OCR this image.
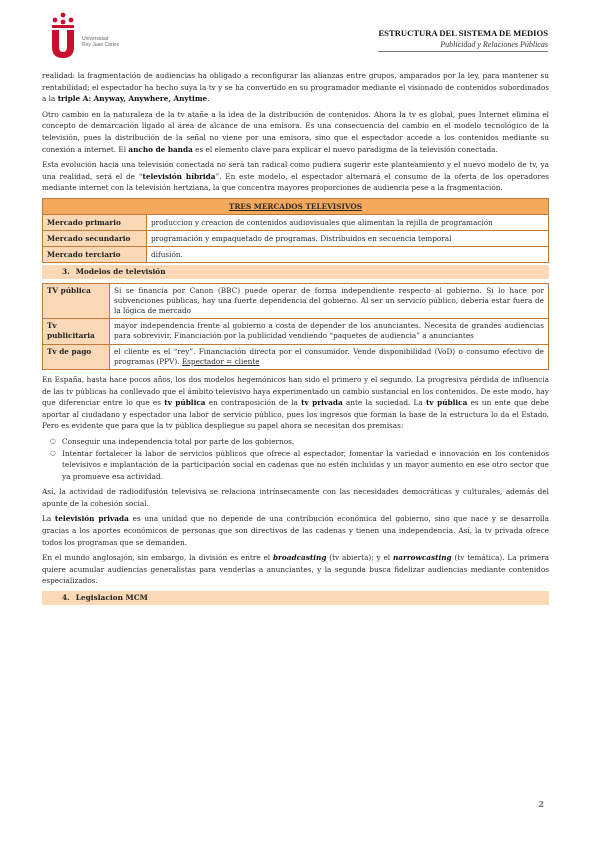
Universidad
Rey Juan Carlos
ESTRUCTURA DEL SISTEMA DE MEDIOS
Publicidad y Relaciones Públicas

realidad: la fragmentación de audiencias ha obligado a reconfigurar las alianzas entre grupos, amparados por la ley, para mantener su rentabilidad; el espectador ha hecho suya la tv y se ha convertido en su programador mediante el visionado de contenidos subordinados a la triple A: Anyway, Anywhere, Anytime.

Otro cambio en la naturaleza de la tv atañe a la idea de la distribución de contenidos. Ahora la tv es global, pues Internet elimina el concepto de demarcación ligado al área de alcance de una emisora. Es una consecuencia del cambio en el modelo tecnológico de la televisión, pues la distribución de la señal no viene por una emisora, sino que el espectador accede a los contenidos mediante su conexión a internet. El ancho de banda es el elemento clave para explicar el nuevo paradigma de la televisión conectada.

Esta evolución hacia una televisión conectada no será tan radical como pudiera sugerir este planteamiento y el nuevo modelo de tv, ya una realidad, será el de “televisión híbrida”. En este modelo, el espectador alternará el consumo de la oferta de los operadores mediante internet con la televisión hertziana, la que concentra mayores proporciones de audiencia pese a la fragmentación.

TRES MERCADOS TELEVISIVOS	
Mercado primario	produccion y creacion de contenidos audiovisuales que alimentan la rejilla de programación
Mercado secundario	programación y empaquetado de programas. Distribuidos en secuencia temporal
Mercado terciario	difusión.
3. Modelos de televisión
TV pública	Si se financia por Canon (BBC) puede operar de forma independiente respecto al gobierno. Si lo hace por subvenciones públicas, hay una fuerte dependencia del gobierno. Al ser un servicio público, debería estar fuera de la lógica de mercado
Tv publicitaria	mayor independencia frente al gobierno a costa de depender de los anunciantes. Necesita de grandes audiencias para sobrevivir. Financiación por la publicidad vendiendo “paquetes de audiencia” a anunciantes
Tv de pago	el cliente es el “rey”. Financiación directa por el consumidor. Vende disponibilidad (VoD) o consumo efectivo de programas (PPV). Espectador = cliente

En España, hasta hace pocos años, los dos modelos hegemónicos han sido el primero y el segundo. La progresiva pérdida de influencia de las tv públicas ha conllevado que el ámbito televisivo haya experimentado un cambio sustancial en los contenidos. De este modo, hay que diferenciar entre lo que es tv pública en contraposición de la tv privada ante la sociedad. La tv pública es un ente que debe aportar al ciudadano y espectador una labor de servicio público, pues los ingresos que forman la base de la estructura lo da el Estado. Pero es evidente que para que la tv pública despliegue su papel ahora se necesitan dos premisas:

○ Conseguir una independencia total por parte de los gobiernos.
○ Intentar fortalecer la labor de servicios públicos que ofrece al espectador, fomentar la variedad e innovación en los contenidos televisivos e implantación de la participación social en cadenas que no estén incluidas y un mayor aumento en ese otro sector que ya promueve esa actividad.

Así, la actividad de radiodifusión televisiva se relaciona intrínsecamente con las necesidades democráticas y culturales, además del apunte de la cohesión social.

La televisión privada es una unidad que no depende de una contribución económica del gobierno, sino que nace y se desarrolla gracias a los aportes económicos de personas que son directivos de las cadenas y tienen una independencia. Así, la tv privada ofrece todos los programas que se demanden.

En el mundo anglosajón, sin embargo, la división es entre el broadcasting (tv abierta); y el narrowcasting (tv temática). La primera quiere acumular audiencias generalistas para venderlas a anunciantes, y la segunda busca fidelizar audiencias mediante contenidos especializados.

4. Legislacion MCM
2
